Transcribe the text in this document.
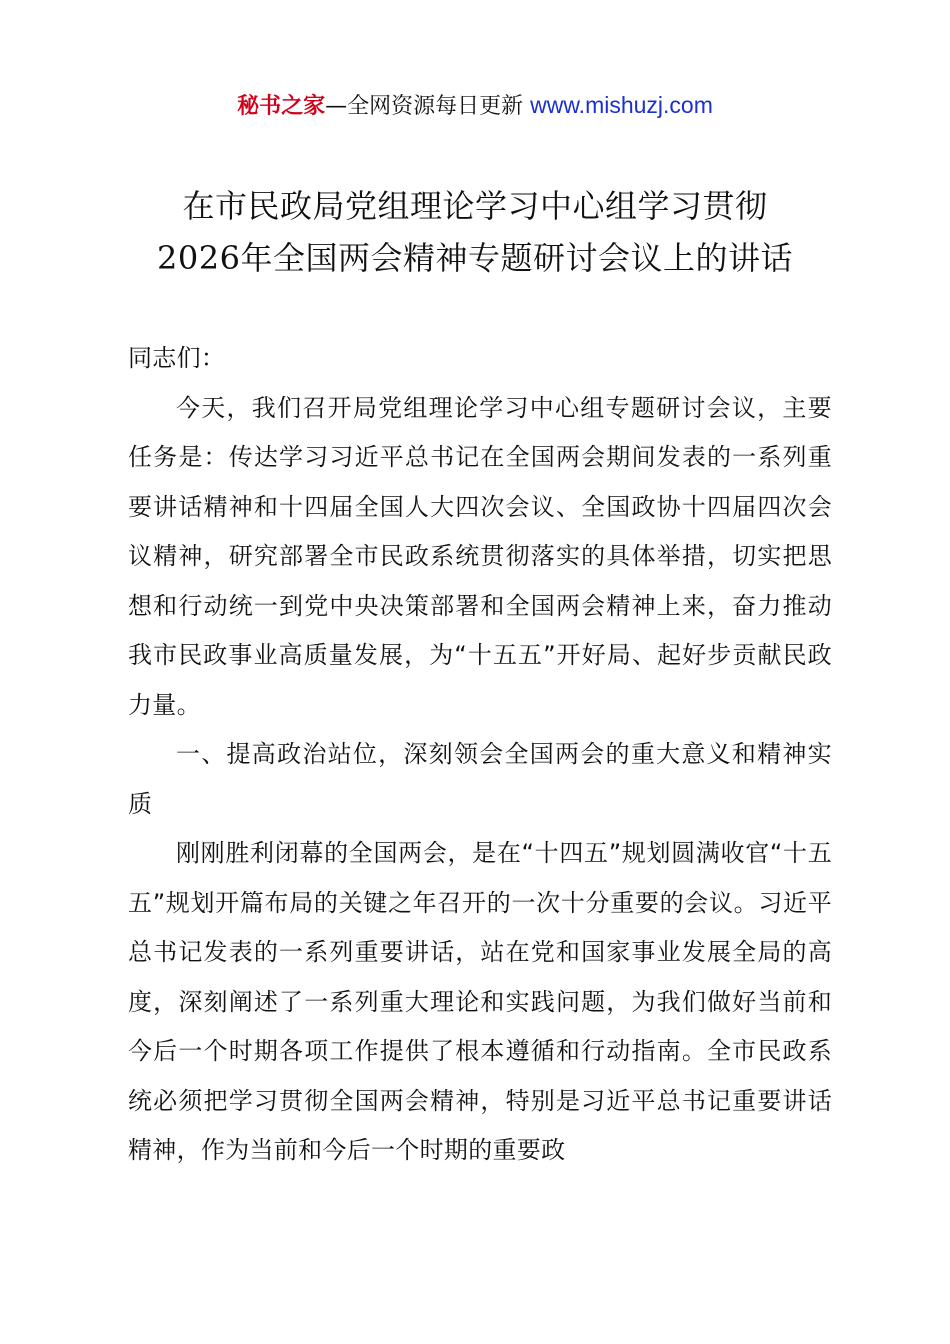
秘书之家—全网资源每日更新 www.mishuzj.com
在市民政局党组理论学习中心组学习贯彻
2026年全国两会精神专题研讨会议上的讲话

同志们：

今天，我们召开局党组理论学习中心组专题研讨会议，主要任务是：传达学习习近平总书记在全国两会期间发表的一系列重要讲话精神和十四届全国人大四次会议、全国政协十四届四次会议精神，研究部署全市民政系统贯彻落实的具体举措，切实把思想和行动统一到党中央决策部署和全国两会精神上来，奋力推动我市民政事业高质量发展，为“十五五”开好局、起好步贡献民政力量。

一、提高政治站位，深刻领会全国两会的重大意义和精神实质

刚刚胜利闭幕的全国两会，是在“十四五”规划圆满收官“十五五”规划开篇布局的关键之年召开的一次十分重要的会议。习近平总书记发表的一系列重要讲话，站在党和国家事业发展全局的高度，深刻阐述了一系列重大理论和实践问题，为我们做好当前和今后一个时期各项工作提供了根本遵循和行动指南。全市民政系统必须把学习贯彻全国两会精神，特别是习近平总书记重要讲话精神，作为当前和今后一个时期的重要政
